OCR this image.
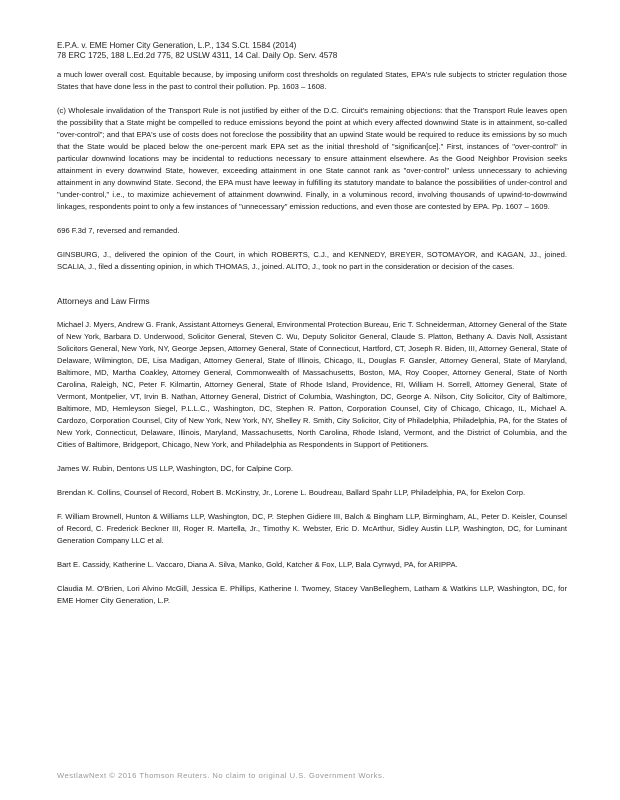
E.P.A. v. EME Homer City Generation, L.P., 134 S.Ct. 1584 (2014)
78 ERC 1725, 188 L.Ed.2d 775, 82 USLW 4311, 14 Cal. Daily Op. Serv. 4578

a much lower overall cost. Equitable because, by imposing uniform cost thresholds on regulated States, EPA's rule subjects to stricter regulation those States that have done less in the past to control their pollution. Pp. 1603 – 1608.

(c) Wholesale invalidation of the Transport Rule is not justified by either of the D.C. Circuit's remaining objections: that the Transport Rule leaves open the possibility that a State might be compelled to reduce emissions beyond the point at which every affected downwind State is in attainment, so-called "over-control"; and that EPA's use of costs does not foreclose the possibility that an upwind State would be required to reduce its emissions by so much that the State would be placed below the one-percent mark EPA set as the initial threshold of "significan[ce]." First, instances of "over-control" in particular downwind locations may be incidental to reductions necessary to ensure attainment elsewhere. As the Good Neighbor Provision seeks attainment in every downwind State, however, exceeding attainment in one State cannot rank as "over-control" unless unnecessary to achieving attainment in any downwind State. Second, the EPA must have leeway in fulfilling its statutory mandate to balance the possibilities of under-control and "under-control," i.e., to maximize achievement of attainment downwind. Finally, in a voluminous record, involving thousands of upwind-to-downwind linkages, respondents point to only a few instances of "unnecessary" emission reductions, and even those are contested by EPA. Pp. 1607 – 1609.

696 F.3d 7, reversed and remanded.

GINSBURG, J., delivered the opinion of the Court, in which ROBERTS, C.J., and KENNEDY, BREYER, SOTOMAYOR, and KAGAN, JJ., joined. SCALIA, J., filed a dissenting opinion, in which THOMAS, J., joined. ALITO, J., took no part in the consideration or decision of the cases.

Attorneys and Law Firms

Michael J. Myers, Andrew G. Frank, Assistant Attorneys General, Environmental Protection Bureau, Eric T. Schneiderman, Attorney General of the State of New York, Barbara D. Underwood, Solicitor General, Steven C. Wu, Deputy Solicitor General, Claude S. Platton, Bethany A. Davis Noll, Assistant Solicitors General, New York, NY, George Jepsen, Attorney General, State of Connecticut, Hartford, CT, Joseph R. Biden, III, Attorney General, State of Delaware, Wilmington, DE, Lisa Madigan, Attorney General, State of Illinois, Chicago, IL, Douglas F. Gansler, Attorney General, State of Maryland, Baltimore, MD, Martha Coakley, Attorney General, Commonwealth of Massachusetts, Boston, MA, Roy Cooper, Attorney General, State of North Carolina, Raleigh, NC, Peter F. Kilmartin, Attorney General, State of Rhode Island, Providence, RI, William H. Sorrell, Attorney General, State of Vermont, Montpelier, VT, Irvin B. Nathan, Attorney General, District of Columbia, Washington, DC, George A. Nilson, City Solicitor, City of Baltimore, Baltimore, MD, Hemleyson Siegel, P.L.L.C., Washington, DC, Stephen R. Patton, Corporation Counsel, City of Chicago, Chicago, IL, Michael A. Cardozo, Corporation Counsel, City of New York, New York, NY, Shelley R. Smith, City Solicitor, City of Philadelphia, Philadelphia, PA, for the States of New York, Connecticut, Delaware, Illinois, Maryland, Massachusetts, North Carolina, Rhode Island, Vermont, and the District of Columbia, and the Cities of Baltimore, Bridgeport, Chicago, New York, and Philadelphia as Respondents in Support of Petitioners.

James W. Rubin, Dentons US LLP, Washington, DC, for Calpine Corp.

Brendan K. Collins, Counsel of Record, Robert B. McKinstry, Jr., Lorene L. Boudreau, Ballard Spahr LLP, Philadelphia, PA, for Exelon Corp.

F. William Brownell, Hunton & Williams LLP, Washington, DC, P. Stephen Gidiere III, Balch & Bingham LLP, Birmingham, AL, Peter D. Keisler, Counsel of Record, C. Frederick Beckner III, Roger R. Martella, Jr., Timothy K. Webster, Eric D. McArthur, Sidley Austin LLP, Washington, DC, for Luminant Generation Company LLC et al.

Bart E. Cassidy, Katherine L. Vaccaro, Diana A. Silva, Manko, Gold, Katcher & Fox, LLP, Bala Cynwyd, PA, for ARIPPA.

Claudia M. O'Brien, Lori Alvino McGill, Jessica E. Phillips, Katherine I. Twomey, Stacey VanBelleghem, Latham & Watkins LLP, Washington, DC, for EME Homer City Generation, L.P.

WestlawNext © 2016 Thomson Reuters. No claim to original U.S. Government Works.
